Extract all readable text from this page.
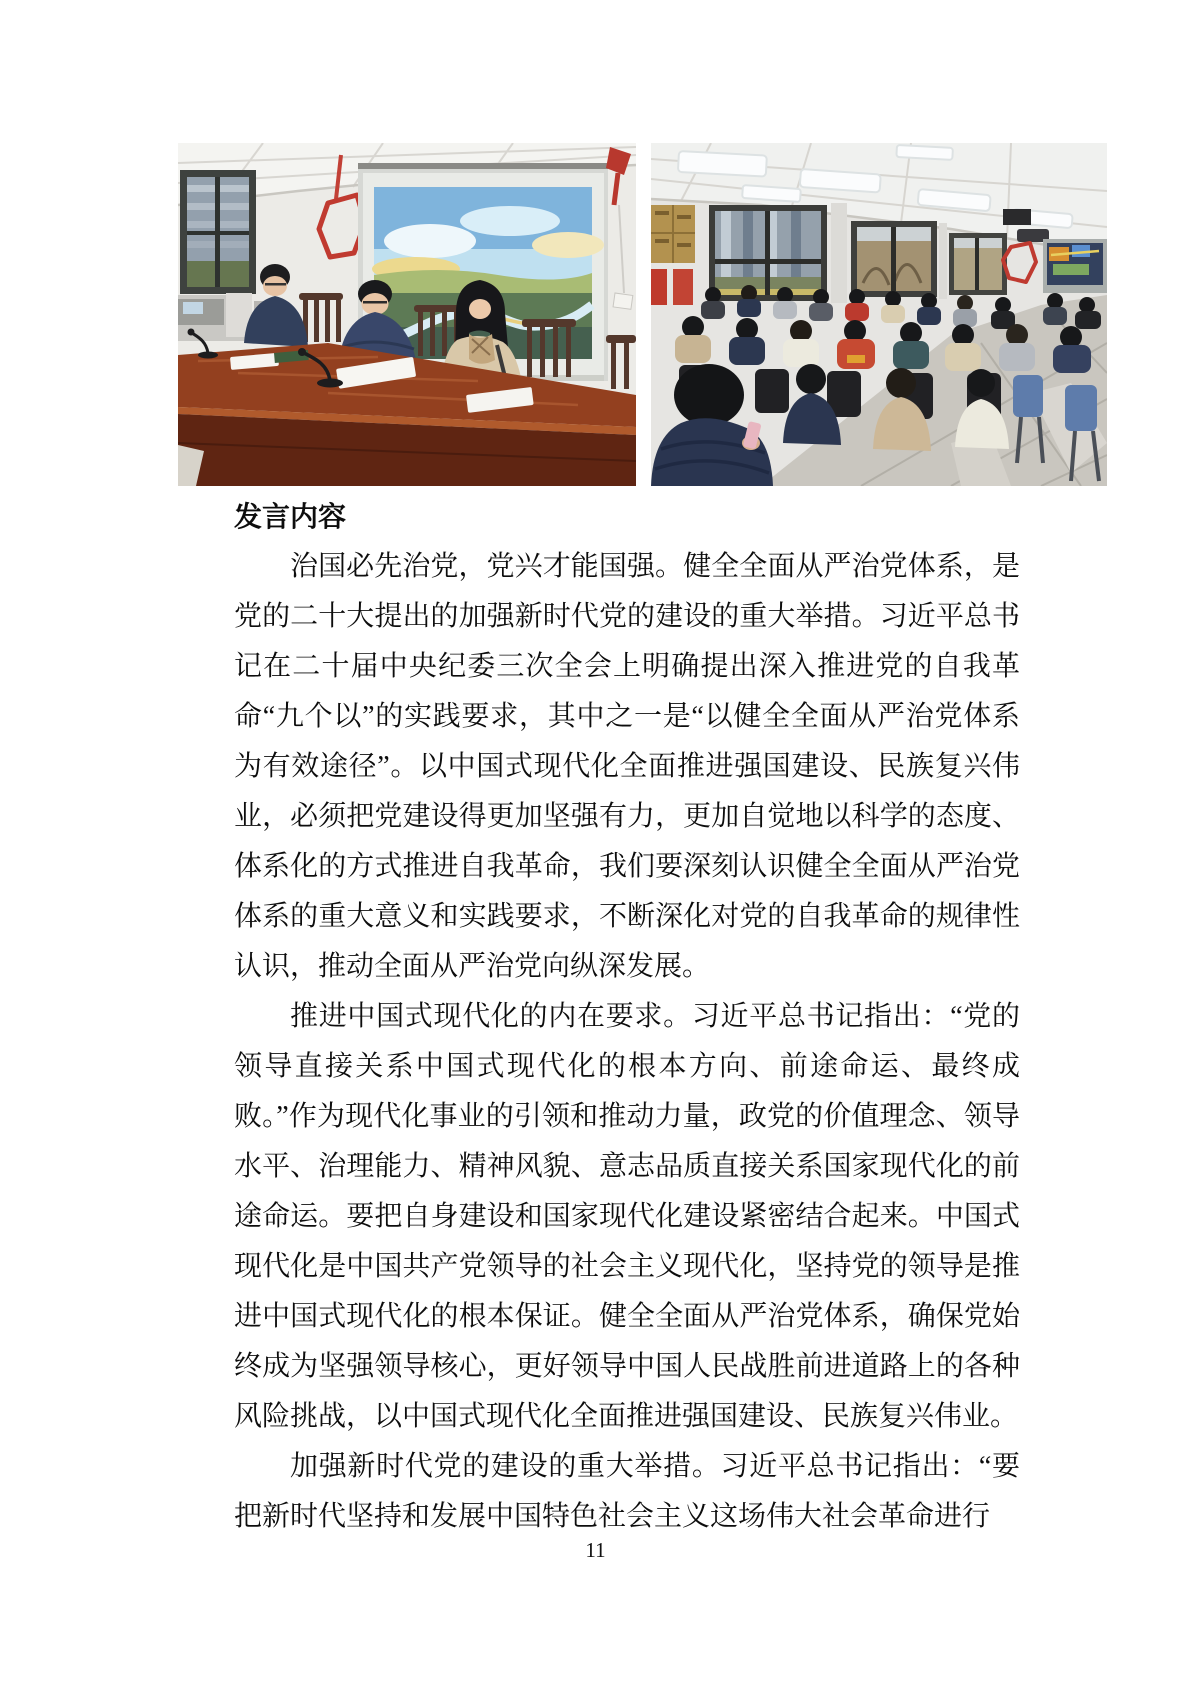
发言内容

治国必先治党，党兴才能国强。健全全面从严治党体系，是党的二十大提出的加强新时代党的建设的重大举措。习近平总书记在二十届中央纪委三次全会上明确提出深入推进党的自我革命“九个以”的实践要求，其中之一是“以健全全面从严治党体系为有效途径”。以中国式现代化全面推进强国建设、民族复兴伟业，必须把党建设得更加坚强有力，更加自觉地以科学的态度、体系化的方式推进自我革命，我们要深刻认识健全全面从严治党体系的重大意义和实践要求，不断深化对党的自我革命的规律性认识，推动全面从严治党向纵深发展。

推进中国式现代化的内在要求。习近平总书记指出：“党的领导直接关系中国式现代化的根本方向、前途命运、最终成败。”作为现代化事业的引领和推动力量，政党的价值理念、领导水平、治理能力、精神风貌、意志品质直接关系国家现代化的前途命运。要把自身建设和国家现代化建设紧密结合起来。中国式现代化是中国共产党领导的社会主义现代化，坚持党的领导是推进中国式现代化的根本保证。健全全面从严治党体系，确保党始终成为坚强领导核心，更好领导中国人民战胜前进道路上的各种风险挑战，以中国式现代化全面推进强国建设、民族复兴伟业。

加强新时代党的建设的重大举措。习近平总书记指出：“要把新时代坚持和发展中国特色社会主义这场伟大社会革命进行

11
